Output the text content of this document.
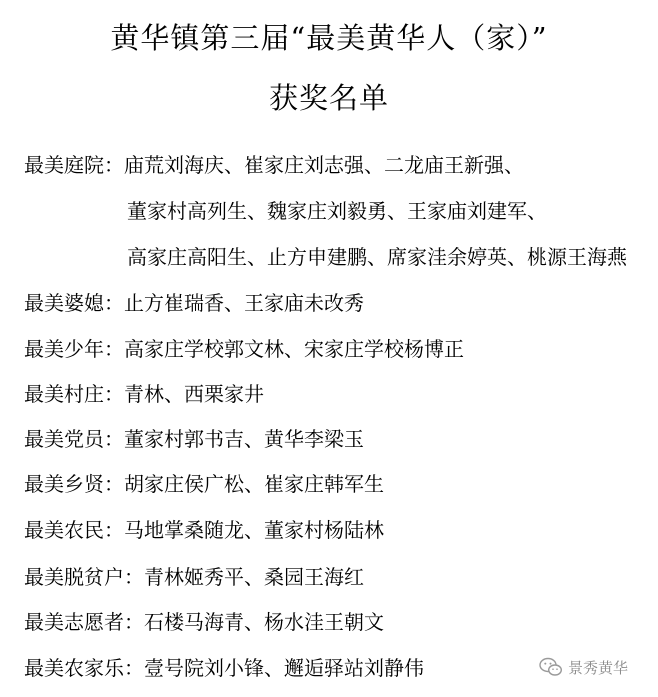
黄华镇第三届“最美黄华人（家）”
获奖名单
最美庭院：庙荒刘海庆、崔家庄刘志强、二龙庙王新强、
董家村高列生、魏家庄刘毅勇、王家庙刘建军、
高家庄高阳生、止方申建鹏、席家洼余婷英、桃源王海燕
最美婆媳：止方崔瑞香、王家庙未改秀
最美少年：高家庄学校郭文林、宋家庄学校杨博正
最美村庄：青林、西栗家井
最美党员：董家村郭书吉、黄华李梁玉
最美乡贤：胡家庄侯广松、崔家庄韩军生
最美农民：马地掌桑随龙、董家村杨陆林
最美脱贫户：青林姬秀平、桑园王海红
最美志愿者：石楼马海青、杨水洼王朝文
最美农家乐：壹号院刘小锋、邂逅驿站刘静伟	景秀黄华
